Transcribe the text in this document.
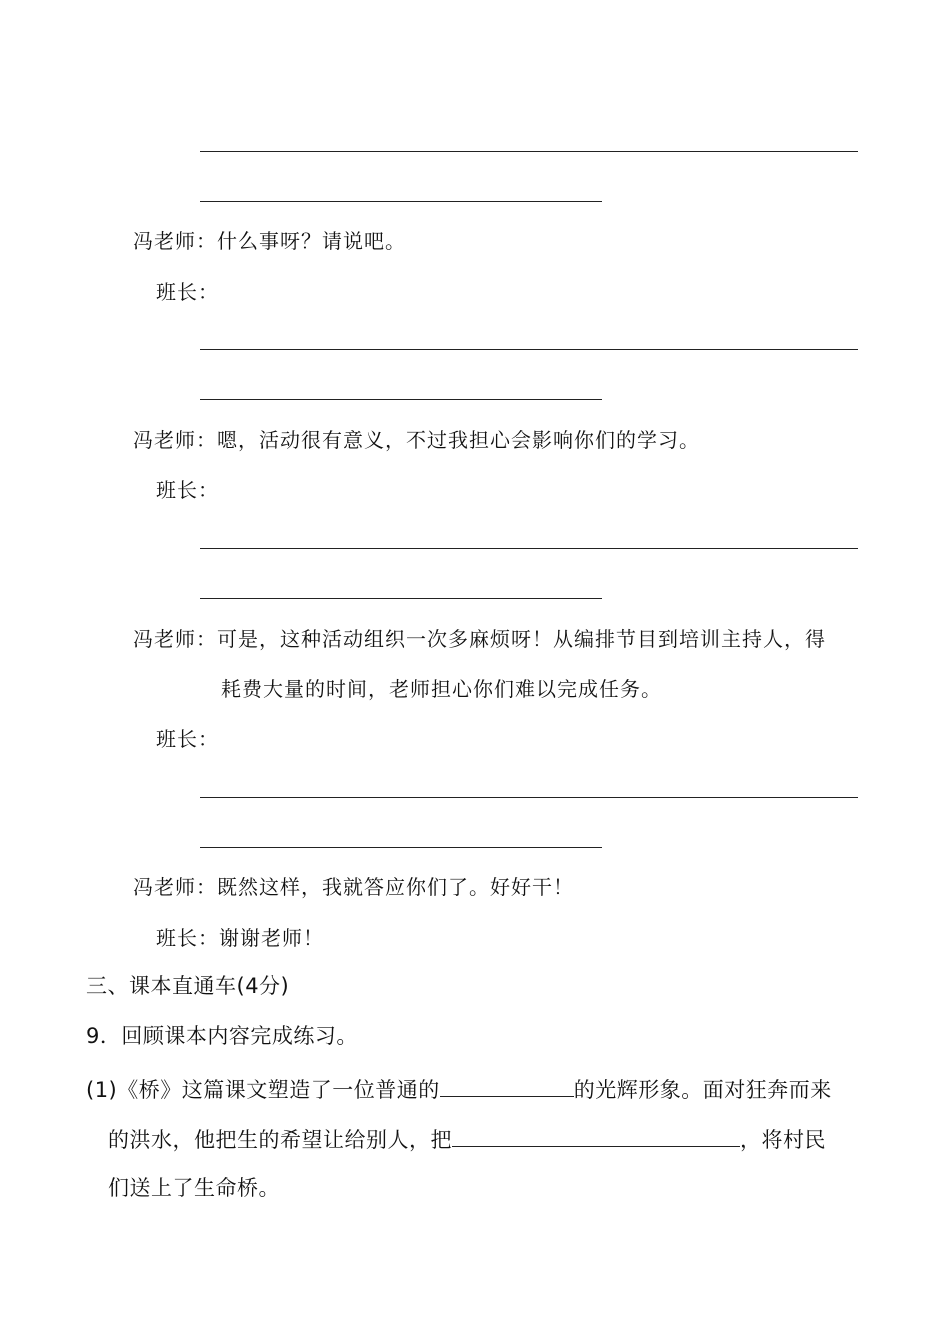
冯老师：什么事呀？请说吧。
班长：
冯老师：嗯，活动很有意义，不过我担心会影响你们的学习。
班长：
冯老师：可是，这种活动组织一次多麻烦呀！从编排节目到培训主持人，得
耗费大量的时间，老师担心你们难以完成任务。
班长：
冯老师：既然这样，我就答应你们了。好好干！
班长：谢谢老师！
三、课本直通车(4分)
9．回顾课本内容完成练习。
(1)《桥》这篇课文塑造了一位普通的	的光辉形象。面对狂奔而来
的洪水，他把生的希望让给别人，把	，将村民
们送上了生命桥。
